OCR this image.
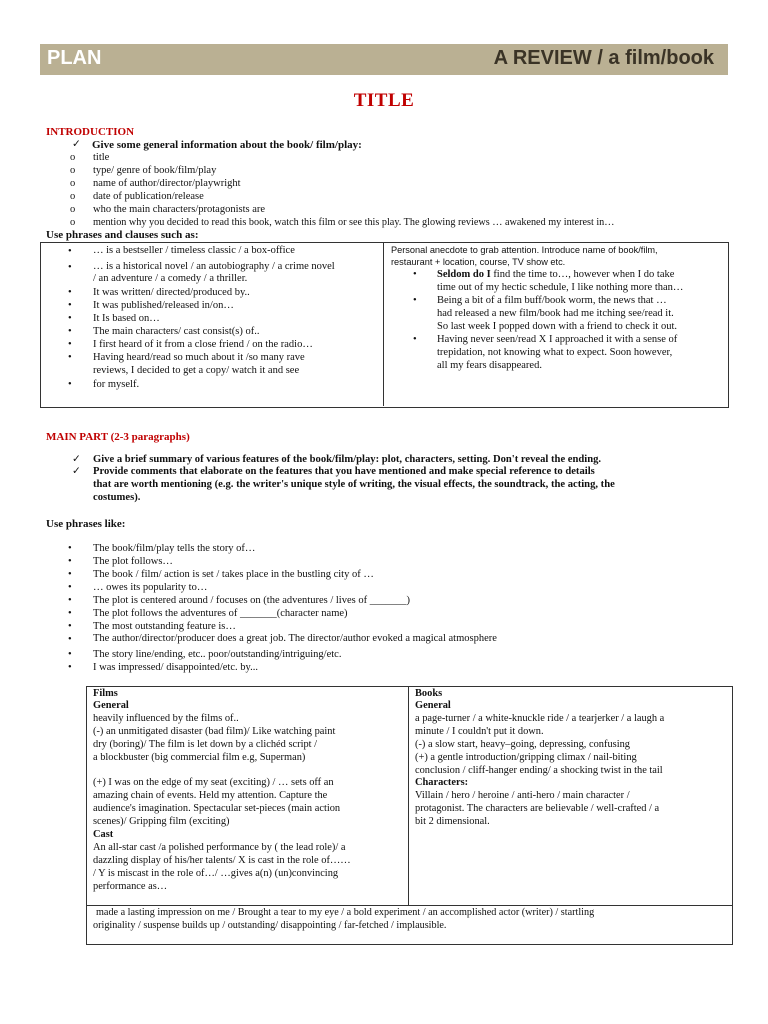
PLAN	A REVIEW / a film/book
TITLE
INTRODUCTION
✓ Give some general information about the book/ film/play:
o title
o type/ genre of book/film/play
o name of author/director/playwright
o date of publication/release
o who the main characters/protagonists are
o mention why you decided to read this book, watch this film or see this play. The glowing reviews … awakened my interest in…
Use phrases and clauses such as:
• … is a bestseller / timeless classic / a box-office
• … is a historical novel / an autobiography / a crime novel
/ an adventure / a comedy / a thriller.
• It was written/ directed/produced by..
• It was published/released in/on…
• It Is based on…
• The main characters/ cast consist(s) of..
• I first heard of it from a close friend / on the radio…
• Having heard/read so much about it /so many rave
reviews, I decided to get a copy/ watch it and see
• for myself.
Personal anecdote to grab attention. Introduce name of book/film,
restaurant + location, course, TV show etc.
• Seldom do I find the time to…, however when I do take
time out of my hectic schedule, I like nothing more than…
• Being a bit of a film buff/book worm, the news that …
had released a new film/book had me itching see/read it.
So last week I popped down with a friend to check it out.
• Having never seen/read X I approached it with a sense of
trepidation, not knowing what to expect. Soon however,
all my fears disappeared.
MAIN PART (2-3 paragraphs)
✓ Give a brief summary of various features of the book/film/play: plot, characters, setting. Don't reveal the ending.
✓ Provide comments that elaborate on the features that you have mentioned and make special reference to details
that are worth mentioning (e.g. the writer's unique style of writing, the visual effects, the soundtrack, the acting, the
costumes).
Use phrases like:
• The book/film/play tells the story of…
• The plot follows…
• The book / film/ action is set / takes place in the bustling city of …
• … owes its popularity to…
• The plot is centered around / focuses on (the adventures / lives of _______)
• The plot follows the adventures of _______(character name)
• The most outstanding feature is…
• The author/director/producer does a great job. The director/author evoked a magical atmosphere
• The story line/ending, etc.. poor/outstanding/intriguing/etc.
• I was impressed/ disappointed/etc. by...
Films
General
heavily influenced by the films of..
(-) an unmitigated disaster (bad film)/ Like watching paint
dry (boring)/ The film is let down by a clichéd script /
a blockbuster (big commercial film e.g, Superman)
(+) I was on the edge of my seat (exciting) / … sets off an
amazing chain of events. Held my attention. Capture the
audience's imagination. Spectacular set-pieces (main action
scenes)/ Gripping film (exciting)
Cast
An all-star cast /a polished performance by ( the lead role)/ a
dazzling display of his/her talents/ X is cast in the role of……
/ Y is miscast in the role of…/ …gives a(n) (un)convincing
performance as…
Books
General
a page-turner / a white-knuckle ride / a tearjerker / a laugh a
minute / I couldn't put it down.
(-) a slow start, heavy–going, depressing, confusing
(+) a gentle introduction/gripping climax / nail-biting
conclusion / cliff-hanger ending/ a shocking twist in the tail
Characters:
Villain / hero / heroine / anti-hero / main character /
protagonist. The characters are believable / well-crafted / a
bit 2 dimensional.
made a lasting impression on me / Brought a tear to my eye / a bold experiment / an accomplished actor (writer) / startling
originality / suspense builds up / outstanding/ disappointing / far-fetched / implausible.
